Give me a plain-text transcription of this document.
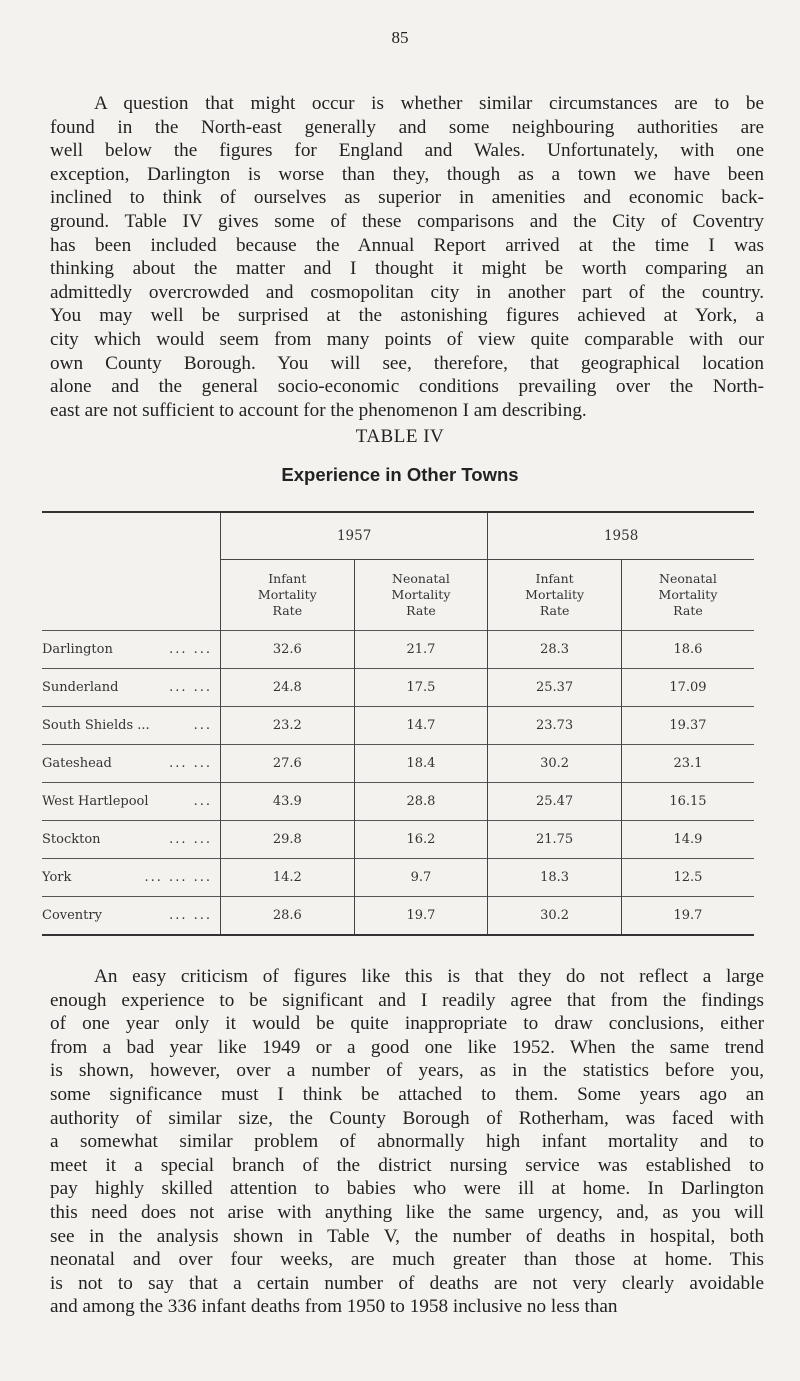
85
A question that might occur is whether similar circumstances are to be
found in the North-east generally and some neighbouring authorities are
well below the figures for England and Wales. Unfortunately, with one
exception, Darlington is worse than they, though as a town we have been
inclined to think of ourselves as superior in amenities and economic back-
ground. Table IV gives some of these comparisons and the City of Coventry
has been included because the Annual Report arrived at the time I was
thinking about the matter and I thought it might be worth comparing an
admittedly overcrowded and cosmopolitan city in another part of the country.
You may well be surprised at the astonishing figures achieved at York, a
city which would seem from many points of view quite comparable with our
own County Borough. You will see, therefore, that geographical location
alone and the general socio-economic conditions prevailing over the North-
east are not sufficient to account for the phenomenon I am describing.
TABLE IV
Experience in Other Towns
	1957		1958	
	Infant
Mortality
Rate	Neonatal
Mortality
Rate	Infant
Mortality
Rate	Neonatal
Mortality
Rate

Darlington ... ...	32.6	21.7	28.3	18.6

Sunderland ... ...	24.8	17.5	25.37	17.09

South Shields ... ...	23.2	14.7	23.73	19.37

Gateshead ... ...	27.6	18.4	30.2	23.1

West Hartlepool ...	43.9	28.8	25.47	16.15

Stockton ... ...	29.8	16.2	21.75	14.9

York ... ... ...	14.2	9.7	18.3	12.5

Coventry ... ...	28.6	19.7	30.2	19.7
An easy criticism of figures like this is that they do not reflect a large
enough experience to be significant and I readily agree that from the findings
of one year only it would be quite inappropriate to draw conclusions, either
from a bad year like 1949 or a good one like 1952. When the same trend
is shown, however, over a number of years, as in the statistics before you,
some significance must I think be attached to them. Some years ago an
authority of similar size, the County Borough of Rotherham, was faced with
a somewhat similar problem of abnormally high infant mortality and to
meet it a special branch of the district nursing service was established to
pay highly skilled attention to babies who were ill at home. In Darlington
this need does not arise with anything like the same urgency, and, as you will
see in the analysis shown in Table V, the number of deaths in hospital, both
neonatal and over four weeks, are much greater than those at home. This
is not to say that a certain number of deaths are not very clearly avoidable
and among the 336 infant deaths from 1950 to 1958 inclusive no less than
